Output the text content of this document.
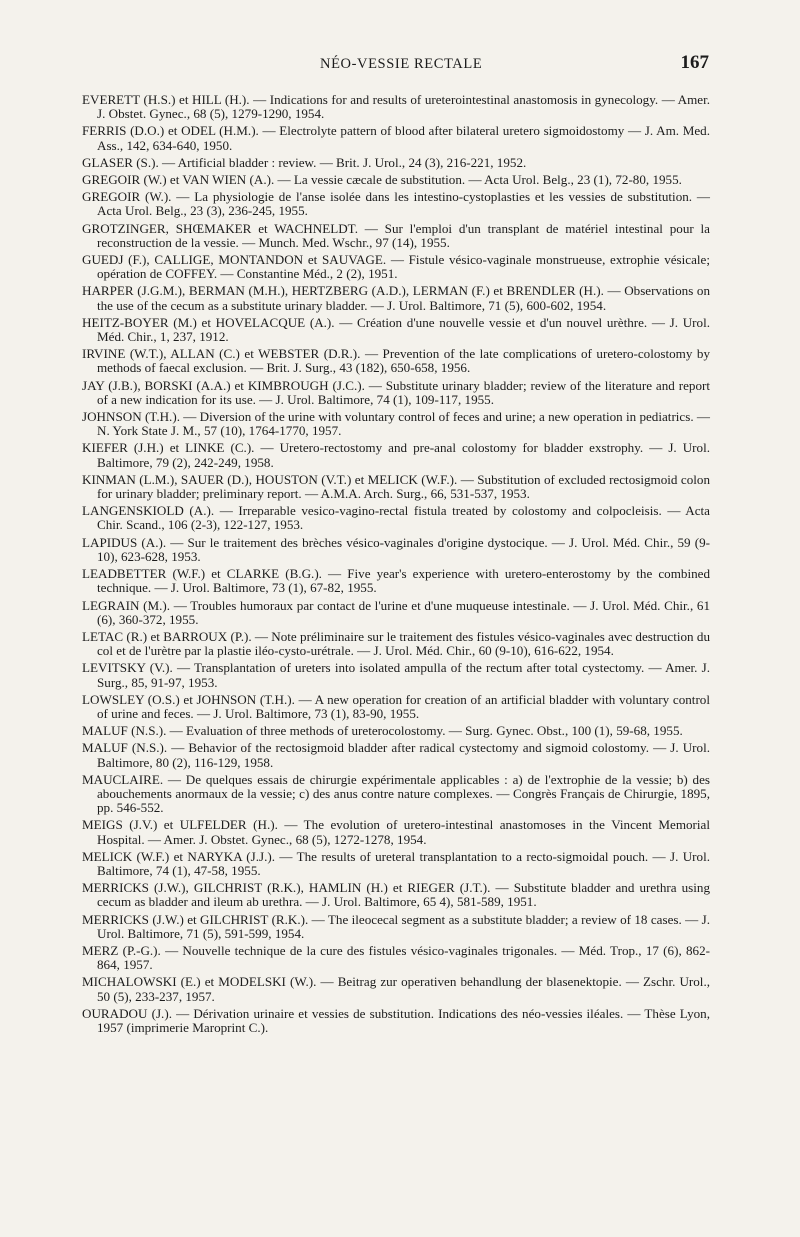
NÉO-VESSIE RECTALE	167

EVERETT (H.S.) et HILL (H.). — Indications for and results of ureterointestinal anastomosis in gynecology. — Amer. J. Obstet. Gynec., 68 (5), 1279-1290, 1954.

FERRIS (D.O.) et ODEL (H.M.). — Electrolyte pattern of blood after bilateral uretero sigmoidostomy — J. Am. Med. Ass., 142, 634-640, 1950.

GLASER (S.). — Artificial bladder : review. — Brit. J. Urol., 24 (3), 216-221, 1952.

GREGOIR (W.) et VAN WIEN (A.). — La vessie cæcale de substitution. — Acta Urol. Belg., 23 (1), 72-80, 1955.

GREGOIR (W.). — La physiologie de l'anse isolée dans les intestino-cystoplasties et les vessies de substitution. — Acta Urol. Belg., 23 (3), 236-245, 1955.

GROTZINGER, SHŒMAKER et WACHNELDT. — Sur l'emploi d'un transplant de matériel intestinal pour la reconstruction de la vessie. — Munch. Med. Wschr., 97 (14), 1955.

GUEDJ (F.), CALLIGE, MONTANDON et SAUVAGE. — Fistule vésico-vaginale monstrueuse, extrophie vésicale; opération de COFFEY. — Constantine Méd., 2 (2), 1951.

HARPER (J.G.M.), BERMAN (M.H.), HERTZBERG (A.D.), LERMAN (F.) et BRENDLER (H.). — Observations on the use of the cecum as a substitute urinary bladder. — J. Urol. Baltimore, 71 (5), 600-602, 1954.

HEITZ-BOYER (M.) et HOVELACQUE (A.). — Création d'une nouvelle vessie et d'un nouvel urèthre. — J. Urol. Méd. Chir., 1, 237, 1912.

IRVINE (W.T.), ALLAN (C.) et WEBSTER (D.R.). — Prevention of the late complications of uretero-colostomy by methods of faecal exclusion. — Brit. J. Surg., 43 (182), 650-658, 1956.

JAY (J.B.), BORSKI (A.A.) et KIMBROUGH (J.C.). — Substitute urinary bladder; review of the literature and report of a new indication for its use. — J. Urol. Baltimore, 74 (1), 109-117, 1955.

JOHNSON (T.H.). — Diversion of the urine with voluntary control of feces and urine; a new operation in pediatrics. — N. York State J. M., 57 (10), 1764-1770, 1957.

KIEFER (J.H.) et LINKE (C.). — Uretero-rectostomy and pre-anal colostomy for bladder exstrophy. — J. Urol. Baltimore, 79 (2), 242-249, 1958.

KINMAN (L.M.), SAUER (D.), HOUSTON (V.T.) et MELICK (W.F.). — Substitution of excluded rectosigmoid colon for urinary bladder; preliminary report. — A.M.A. Arch. Surg., 66, 531-537, 1953.

LANGENSKIOLD (A.). — Irreparable vesico-vagino-rectal fistula treated by colostomy and colpocleisis. — Acta Chir. Scand., 106 (2-3), 122-127, 1953.

LAPIDUS (A.). — Sur le traitement des brèches vésico-vaginales d'origine dystocique. — J. Urol. Méd. Chir., 59 (9-10), 623-628, 1953.

LEADBETTER (W.F.) et CLARKE (B.G.). — Five year's experience with uretero-enterostomy by the combined technique. — J. Urol. Baltimore, 73 (1), 67-82, 1955.

LEGRAIN (M.). — Troubles humoraux par contact de l'urine et d'une muqueuse intestinale. — J. Urol. Méd. Chir., 61 (6), 360-372, 1955.

LETAC (R.) et BARROUX (P.). — Note préliminaire sur le traitement des fistules vésico-vaginales avec destruction du col et de l'urètre par la plastie iléo-cysto-urétrale. — J. Urol. Méd. Chir., 60 (9-10), 616-622, 1954.

LEVITSKY (V.). — Transplantation of ureters into isolated ampulla of the rectum after total cystectomy. — Amer. J. Surg., 85, 91-97, 1953.

LOWSLEY (O.S.) et JOHNSON (T.H.). — A new operation for creation of an artificial bladder with voluntary control of urine and feces. — J. Urol. Baltimore, 73 (1), 83-90, 1955.

MALUF (N.S.). — Evaluation of three methods of ureterocolostomy. — Surg. Gynec. Obst., 100 (1), 59-68, 1955.

MALUF (N.S.). — Behavior of the rectosigmoid bladder after radical cystectomy and sigmoid colostomy. — J. Urol. Baltimore, 80 (2), 116-129, 1958.

MAUCLAIRE. — De quelques essais de chirurgie expérimentale applicables : a) de l'extrophie de la vessie; b) des abouchements anormaux de la vessie; c) des anus contre nature complexes. — Congrès Français de Chirurgie, 1895, pp. 546-552.

MEIGS (J.V.) et ULFELDER (H.). — The evolution of uretero-intestinal anastomoses in the Vincent Memorial Hospital. — Amer. J. Obstet. Gynec., 68 (5), 1272-1278, 1954.

MELICK (W.F.) et NARYKA (J.J.). — The results of ureteral transplantation to a recto-sigmoidal pouch. — J. Urol. Baltimore, 74 (1), 47-58, 1955.

MERRICKS (J.W.), GILCHRIST (R.K.), HAMLIN (H.) et RIEGER (J.T.). — Substitute bladder and urethra using cecum as bladder and ileum ab urethra. — J. Urol. Baltimore, 65 4), 581-589, 1951.

MERRICKS (J.W.) et GILCHRIST (R.K.). — The ileocecal segment as a substitute bladder; a review of 18 cases. — J. Urol. Baltimore, 71 (5), 591-599, 1954.

MERZ (P.-G.). — Nouvelle technique de la cure des fistules vésico-vaginales trigonales. — Méd. Trop., 17 (6), 862-864, 1957.

MICHALOWSKI (E.) et MODELSKI (W.). — Beitrag zur operativen behandlung der blasenektopie. — Zschr. Urol., 50 (5), 233-237, 1957.

OURADOU (J.). — Dérivation urinaire et vessies de substitution. Indications des néo-vessies iléales. — Thèse Lyon, 1957 (imprimerie Maroprint C.).
